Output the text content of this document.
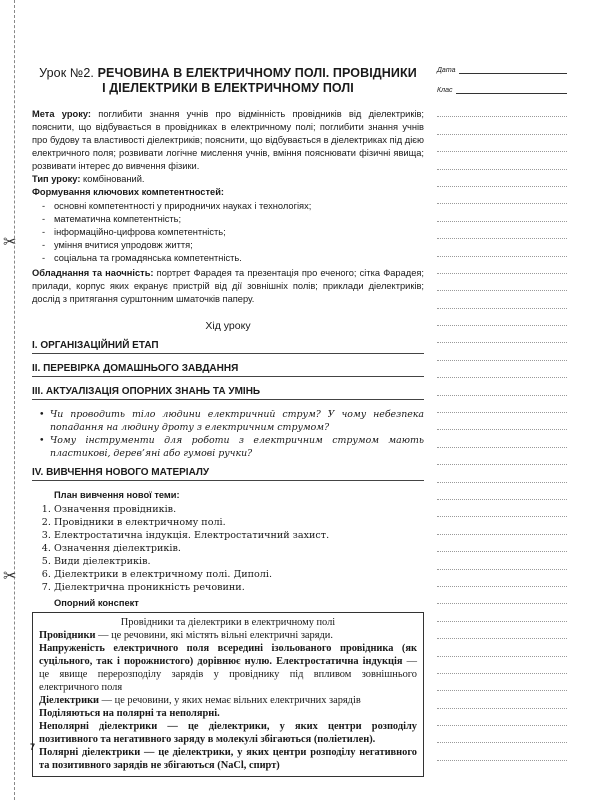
✂
✂
Дата
Клас
Урок №2. РЕЧОВИНА В ЕЛЕКТРИЧНОМУ ПОЛІ. ПРОВІДНИКИ
І ДІЕЛЕКТРИКИ В ЕЛЕКТРИЧНОМУ ПОЛІ

Мета уроку: поглибити знання учнів про відмінність провідників від діелектриків; пояснити, що відбувається в провідниках в електричному полі; поглибити знання учнів про будову та властивості діелектриків; пояснити, що відбувається в діелектриках під дією електричного поля; розвивати логічне мислення учнів, вміння пояснювати фізичні явища; розвивати інтерес до вивчення фізики.

Тип уроку: комбінований.

Формування ключових компетентностей:

- основні компетентності у природничих науках і технологіях;
- математична компетентність;
- інформаційно-цифрова компетентність;
- уміння вчитися упродовж життя;
- соціальна та громадянська компетентність.

Обладнання та наочність: портрет Фарадея та презентація про еченого; сітка Фарадея; прилади, корпус яких екранує пристрій від дії зовнішніх полів; приклади діелектриків; дослід з притягання сурштонним шматочків паперу.

Хід уроку
І. ОРГАНІЗАЦІЙНИЙ ЕТАП
ІІ. ПЕРЕВІРКА ДОМАШНЬОГО ЗАВДАННЯ
ІІІ. АКТУАЛІЗАЦІЯ ОПОРНИХ ЗНАНЬ ТА УМІНЬ
• Чи проводить тіло людини електричний струм? У чому небезпека попадання на людину дроту з електричним струмом?
• Чому інструменти для роботи з електричним струмом мають пластикові, дерев’яні або гумові ручки?
IV. ВИВЧЕННЯ НОВОГО МАТЕРІАЛУ
План вивчення нової теми:
1. Означення провідників.
2. Провідники в електричному полі.
3. Електростатична індукція. Електростатичний захист.
4. Означення діелектриків.
5. Види діелектриків.
6. Діелектрики в електричному полі. Диполі.
7. Діелектрична проникність речовини.
Опорний конспект

Провідники та діелектрики в електричному полі

Провідники — це речовини, які містять вільні електричні заряди.

Напруженість електричного поля всередині ізольованого провідника (як суцільного, так і порожнистого) дорівнює нулю. Електростатична індукція — це явище перерозподілу зарядів у провіднику під впливом зовнішнього електричного поля

Діелектрики — це речовини, у яких немає вільних електричних зарядів

Поділяються на полярні та неполярні.

Неполярні діелектрики — це діелектрики, у яких центри розподілу позитивного та негативного заряду в молекулі збігаються (поліетилен).

Полярні діелектрики — це діелектрики, у яких центри розподілу негативного та позитивного зарядів не збігаються (NaCl, спирт)

7
